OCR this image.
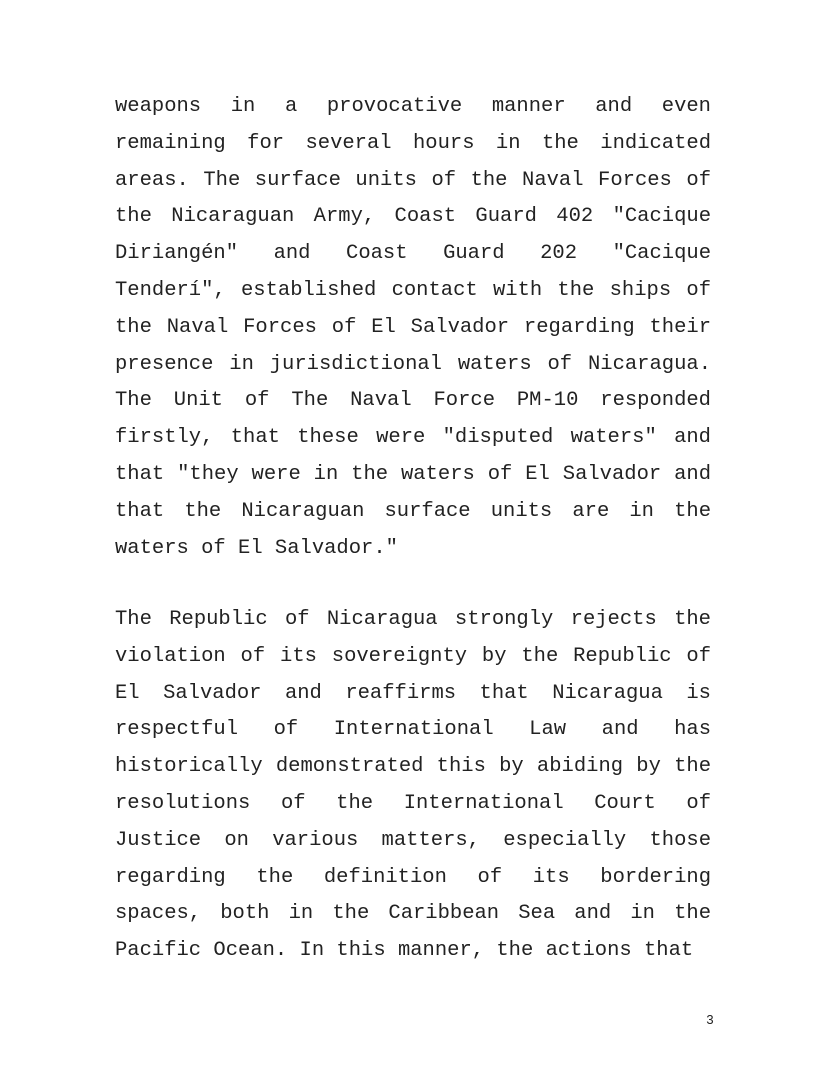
weapons in a provocative manner and even remaining for several hours in the indicated areas. The surface units of the Naval Forces of the Nicaraguan Army, Coast Guard 402 "Cacique Diriangén" and Coast Guard 202 "Cacique Tenderí", established contact with the ships of the Naval Forces of El Salvador regarding their presence in jurisdictional waters of Nicaragua. The Unit of The Naval Force PM-10 responded firstly, that these were "disputed waters" and that "they were in the waters of El Salvador and that the Nicaraguan surface units are in the waters of El Salvador."

The Republic of Nicaragua strongly rejects the violation of its sovereignty by the Republic of El Salvador and reaffirms that Nicaragua is respectful of International Law and has historically demonstrated this by abiding by the resolutions of the International Court of Justice on various matters, especially those regarding the definition of its bordering spaces, both in the Caribbean Sea and in the Pacific Ocean. In this manner, the actions that

3
